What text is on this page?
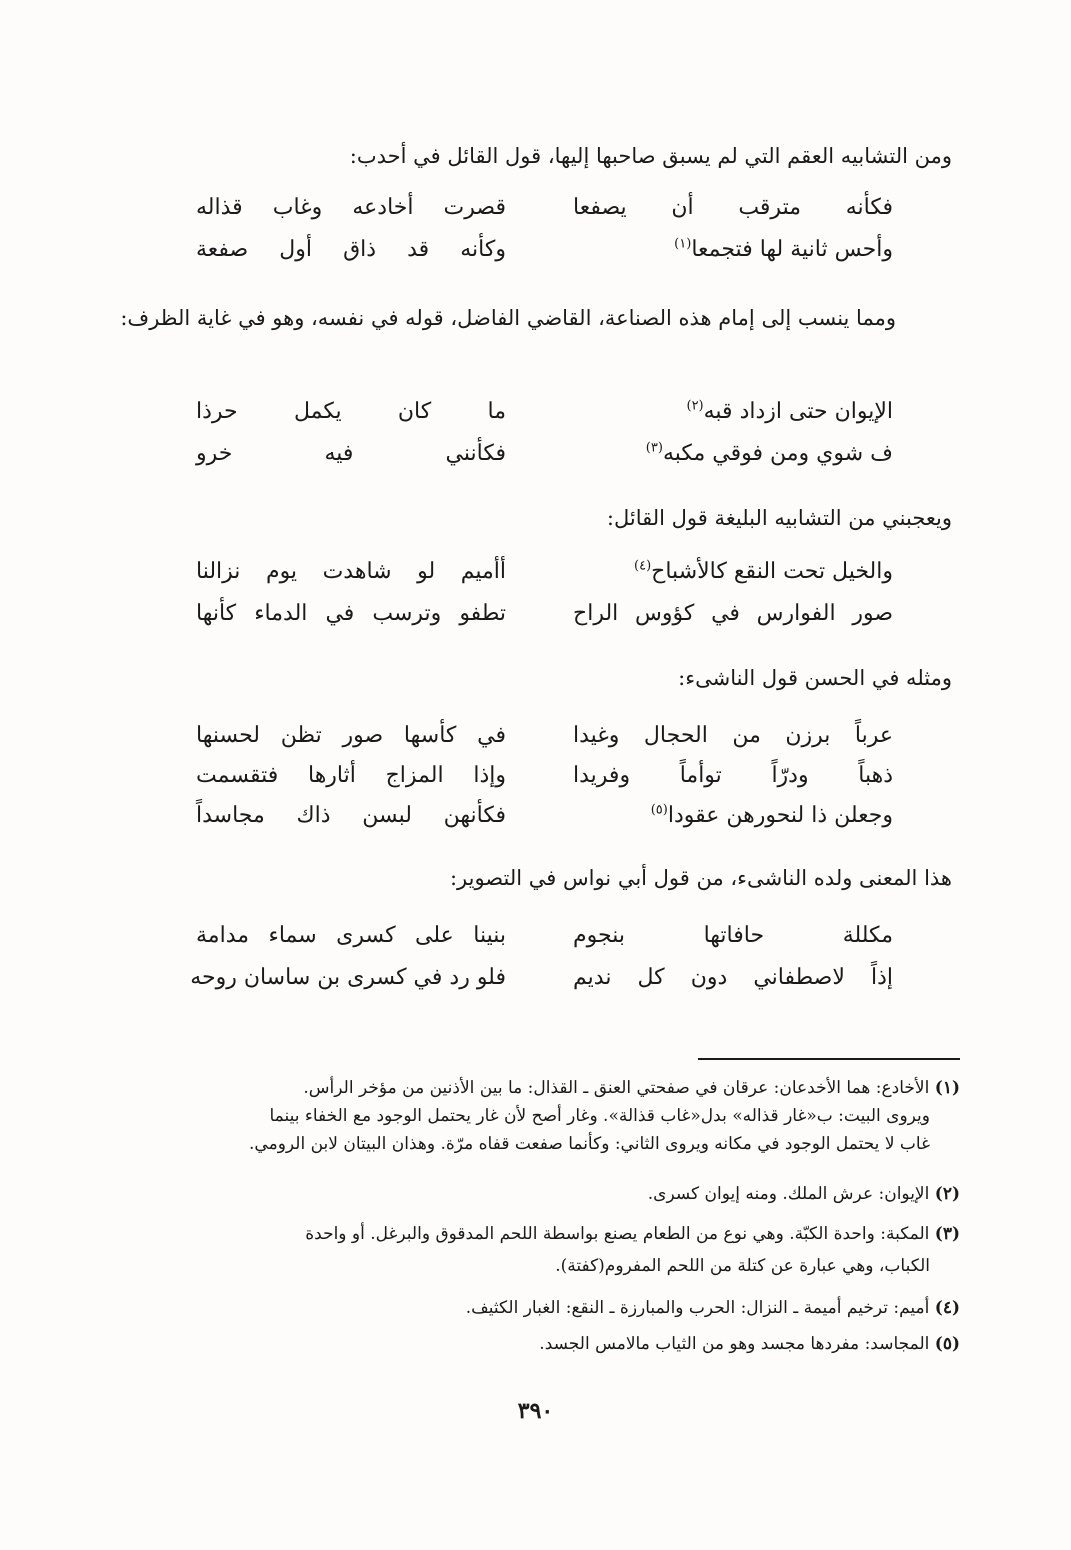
ومن التشابيه العقم التي لم يسبق صاحبها إليها، قول القائل في أحدب:
قصرت أخادعه وغاب قذاله	فكأنه مترقب أن يصفعا
وكأنه قد ذاق أول صفعة	وأحس ثانية لها فتجمعا$^{(١)}$
ومما ينسب إلى إمام هذه الصناعة، القاضي الفاضل، قوله في نفسه، وهو في غاية الظرف:
ما كان يكمل حرذا	الإيوان حتى ازداد قبه$^{(٢)}$
فكأنني فيه خرو	ف شوي ومن فوقي مكبه$^{(٣)}$
ويعجبني من التشابيه البليغة قول القائل:
أأميم لو شاهدت يوم نزالنا	والخيل تحت النقع كالأشباح$^{(٤)}$
تطفو وترسب في الدماء كأنها	صور الفوارس في كؤوس الراح
ومثله في الحسن قول الناشىء:
في كأسها صور تظن لحسنها	عرباً برزن من الحجال وغيدا
وإذا المزاج أثارها فتقسمت	ذهباً ودرّاً توأماً وفريدا
فكأنهن لبسن ذاك مجاسداً	وجعلن ذا لنحورهن عقودا$^{(٥)}$
هذا المعنى ولده الناشىء، من قول أبي نواس في التصوير:
بنينا على كسرى سماء مدامة	مكللة حافاتها بنجوم
فلو رد في كسرى بن ساسان روحه	إذاً لاصطفاني دون كل نديم
(١) الأخادع: هما الأخدعان: عرقان في صفحتي العنق ـ القذال: ما بين الأذنين من مؤخر الرأس.
ويروى البيت: ب«غار قذاله» بدل«غاب قذالة». وغار أصح لأن غار يحتمل الوجود مع الخفاء بينما
غاب لا يحتمل الوجود في مكانه ويروى الثاني: وكأنما صفعت قفاه مرّة. وهذان البيتان لابن الرومي.
(٢) الإيوان: عرش الملك. ومنه إيوان كسرى.
(٣) المكبة: واحدة الكبّة. وهي نوع من الطعام يصنع بواسطة اللحم المدقوق والبرغل. أو واحدة
الكباب، وهي عبارة عن كتلة من اللحم المفروم(كفتة).
(٤) أميم: ترخيم أميمة ـ النزال: الحرب والمبارزة ـ النقع: الغبار الكثيف.
(٥) المجاسد: مفردها مجسد وهو من الثياب مالامس الجسد.
٣٩٠
